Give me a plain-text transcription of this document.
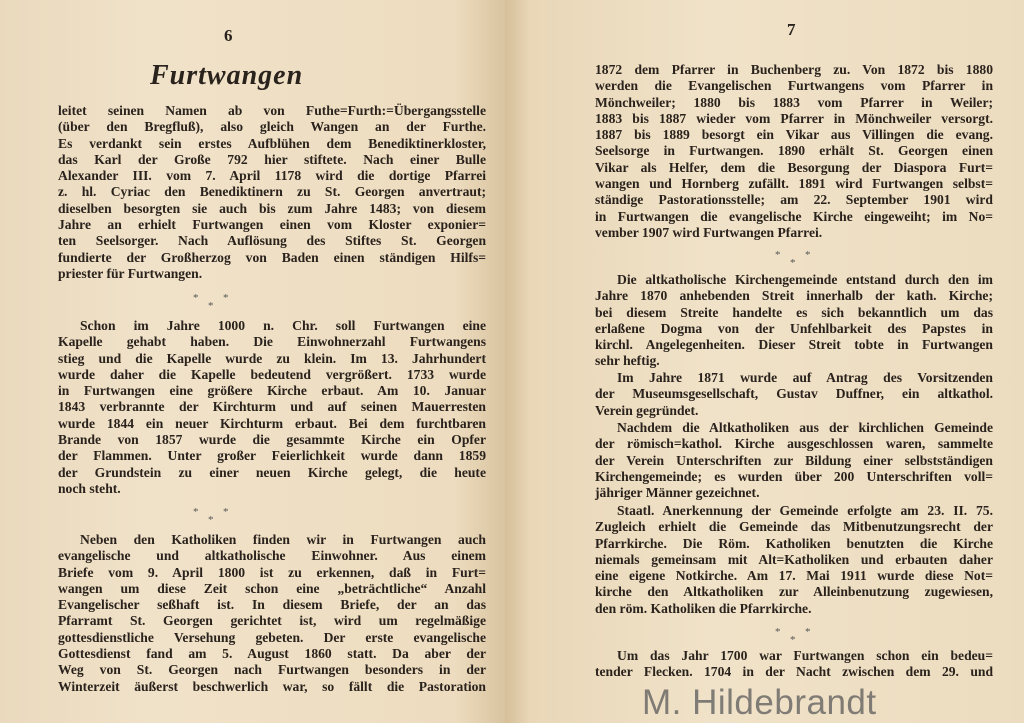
6
Furtwangen
leitet seinen Namen ab von Futhe=Furth:=Übergangsstelle
(über den Bregfluß), also gleich Wangen an der Furthe.
Es verdankt sein erstes Aufblühen dem Benediktinerkloster,
das Karl der Große 792 hier stiftete. Nach einer Bulle
Alexander III. vom 7. April 1178 wird die dortige Pfarrei
z. hl. Cyriac den Benediktinern zu St. Georgen anvertraut;
dieselben besorgten sie auch bis zum Jahre 1483; von diesem
Jahre an erhielt Furtwangen einen vom Kloster exponier=
ten Seelsorger. Nach Auflösung des Stiftes St. Georgen
fundierte der Großherzog von Baden einen ständigen Hilfs=
priester für Furtwangen.
Schon im Jahre 1000 n. Chr. soll Furtwangen eine
Kapelle gehabt haben. Die Einwohnerzahl Furtwangens
stieg und die Kapelle wurde zu klein. Im 13. Jahrhundert
wurde daher die Kapelle bedeutend vergrößert. 1733 wurde
in Furtwangen eine größere Kirche erbaut. Am 10. Januar
1843 verbrannte der Kirchturm und auf seinen Mauerresten
wurde 1844 ein neuer Kirchturm erbaut. Bei dem furchtbaren
Brande von 1857 wurde die gesammte Kirche ein Opfer
der Flammen. Unter großer Feierlichkeit wurde dann 1859
der Grundstein zu einer neuen Kirche gelegt, die heute
noch steht.
Neben den Katholiken finden wir in Furtwangen auch
evangelische und altkatholische Einwohner. Aus einem
Briefe vom 9. April 1800 ist zu erkennen, daß in Furt=
wangen um diese Zeit schon eine „beträchtliche“ Anzahl
Evangelischer seßhaft ist. In diesem Briefe, der an das
Pfarramt St. Georgen gerichtet ist, wird um regelmäßige
gottesdienstliche Versehung gebeten. Der erste evangelische
Gottesdienst fand am 5. August 1860 statt. Da aber der
Weg von St. Georgen nach Furtwangen besonders in der
Winterzeit äußerst beschwerlich war, so fällt die Pastoration
* *
*
* *
*
7
1872 dem Pfarrer in Buchenberg zu. Von 1872 bis 1880
werden die Evangelischen Furtwangens vom Pfarrer in
Mönchweiler; 1880 bis 1883 vom Pfarrer in Weiler;
1883 bis 1887 wieder vom Pfarrer in Mönchweiler versorgt.
1887 bis 1889 besorgt ein Vikar aus Villingen die evang.
Seelsorge in Furtwangen. 1890 erhält St. Georgen einen
Vikar als Helfer, dem die Besorgung der Diaspora Furt=
wangen und Hornberg zufällt. 1891 wird Furtwangen selbst=
ständige Pastorationsstelle; am 22. September 1901 wird
in Furtwangen die evangelische Kirche eingeweiht; im No=
vember 1907 wird Furtwangen Pfarrei.
Die altkatholische Kirchengemeinde entstand durch den im
Jahre 1870 anhebenden Streit innerhalb der kath. Kirche;
bei diesem Streite handelte es sich bekanntlich um das
erlaßene Dogma von der Unfehlbarkeit des Papstes in
kirchl. Angelegenheiten. Dieser Streit tobte in Furtwangen
sehr heftig.
Im Jahre 1871 wurde auf Antrag des Vorsitzenden
der Museumsgesellschaft, Gustav Duffner, ein altkathol.
Verein gegründet.
Nachdem die Altkatholiken aus der kirchlichen Gemeinde
der römisch=kathol. Kirche ausgeschlossen waren, sammelte
der Verein Unterschriften zur Bildung einer selbstständigen
Kirchengemeinde; es wurden über 200 Unterschriften voll=
jähriger Männer gezeichnet.
Staatl. Anerkennung der Gemeinde erfolgte am 23. II. 75.
Zugleich erhielt die Gemeinde das Mitbenutzungsrecht der
Pfarrkirche. Die Röm. Katholiken benutzten die Kirche
niemals gemeinsam mit Alt=Katholiken und erbauten daher
eine eigene Notkirche. Am 17. Mai 1911 wurde diese Not=
kirche den Altkatholiken zur Alleinbenutzung zugewiesen,
den röm. Katholiken die Pfarrkirche.
Um das Jahr 1700 war Furtwangen schon ein bedeu=
tender Flecken. 1704 in der Nacht zwischen dem 29. und
* *
*
* *
*
M. Hildebrandt
